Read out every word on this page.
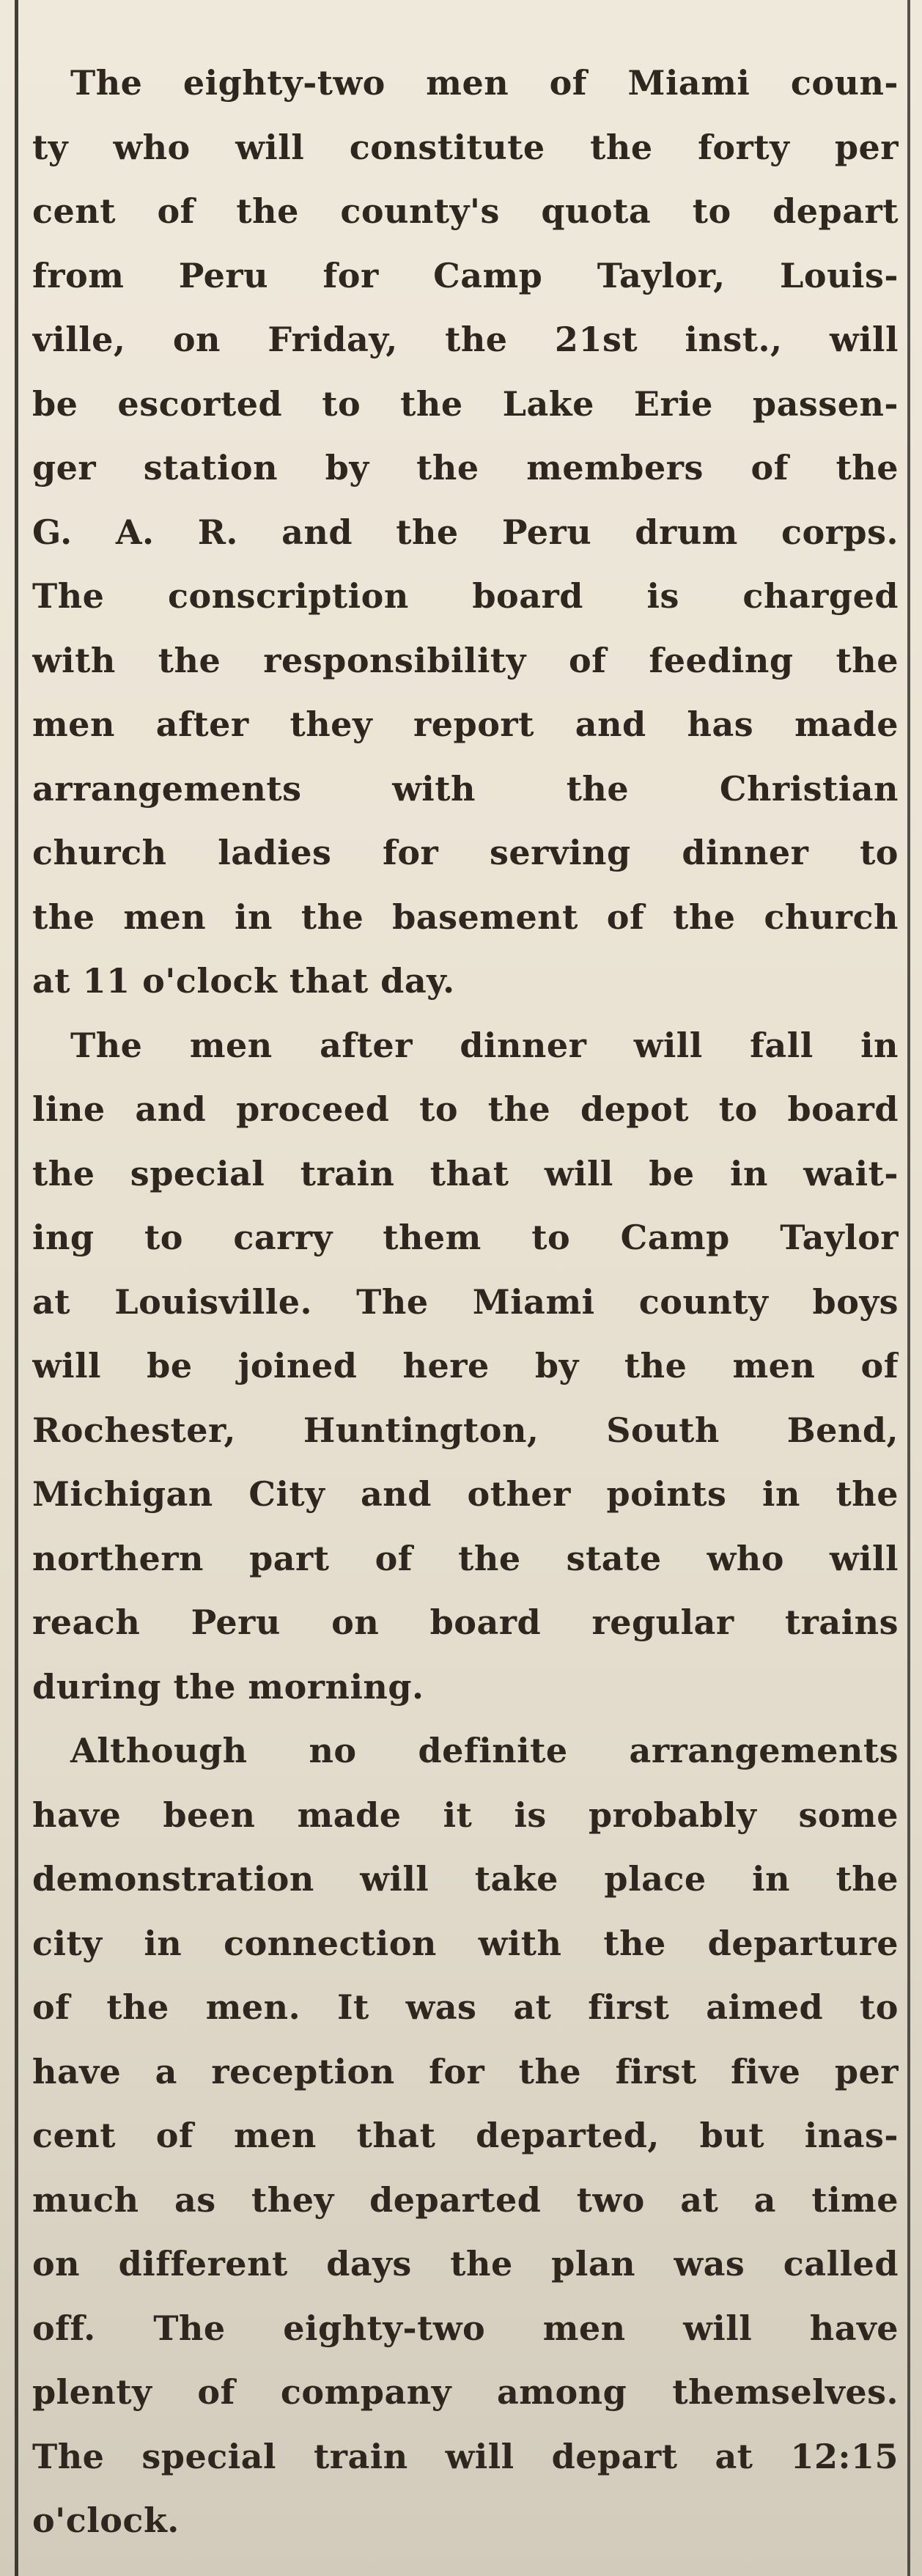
The eighty-two men of Miami coun-
ty who will constitute the forty per
cent of the county's quota to depart
from Peru for Camp Taylor, Louis-
ville, on Friday, the 21st inst., will
be escorted to the Lake Erie passen-
ger station by the members of the
G. A. R. and the Peru drum corps.
The conscription board is charged
with the responsibility of feeding the
men after they report and has made
arrangements with the Christian
church ladies for serving dinner to
the men in the basement of the church
at 11 o'clock that day.
The men after dinner will fall in
line and proceed to the depot to board
the special train that will be in wait-
ing to carry them to Camp Taylor
at Louisville. The Miami county boys
will be joined here by the men of
Rochester, Huntington, South Bend,
Michigan City and other points in the
northern part of the state who will
reach Peru on board regular trains
during the morning.
Although no definite arrangements
have been made it is probably some
demonstration will take place in the
city in connection with the departure
of the men. It was at first aimed to
have a reception for the first five per
cent of men that departed, but inas-
much as they departed two at a time
on different days the plan was called
off. The eighty-two men will have
plenty of company among themselves.
The special train will depart at 12:15
o'clock.
